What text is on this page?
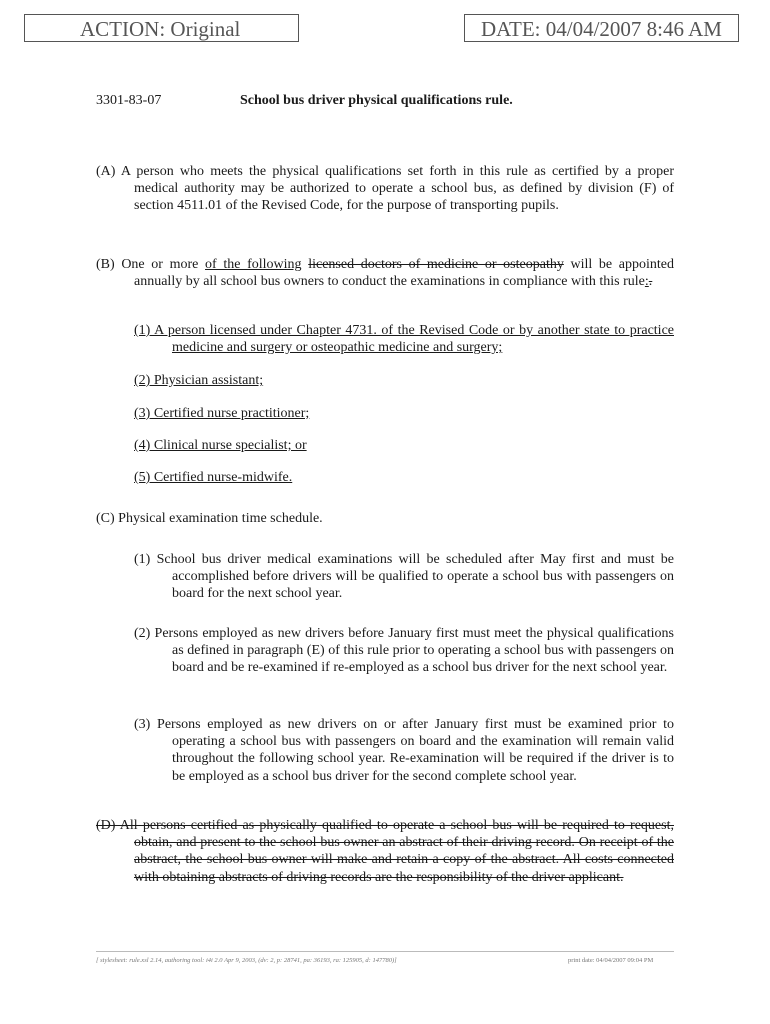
ACTION: Original	DATE: 04/04/2007 8:46 AM
3301-83-07	School bus driver physical qualifications rule.
(A) A person who meets the physical qualifications set forth in this rule as certified by a proper medical authority may be authorized to operate a school bus, as defined by division (F) of section 4511.01 of the Revised Code, for the purpose of transporting pupils.
(B) One or more of the following licensed doctors of medicine or osteopathy will be appointed annually by all school bus owners to conduct the examinations in compliance with this rule:.
(1) A person licensed under Chapter 4731. of the Revised Code or by another state to practice medicine and surgery or osteopathic medicine and surgery;
(2) Physician assistant;
(3) Certified nurse practitioner;
(4) Clinical nurse specialist; or
(5) Certified nurse-midwife.
(C) Physical examination time schedule.
(1) School bus driver medical examinations will be scheduled after May first and must be accomplished before drivers will be qualified to operate a school bus with passengers on board for the next school year.
(2) Persons employed as new drivers before January first must meet the physical qualifications as defined in paragraph (E) of this rule prior to operating a school bus with passengers on board and be re-examined if re-employed as a school bus driver for the next school year.
(3) Persons employed as new drivers on or after January first must be examined prior to operating a school bus with passengers on board and the examination will remain valid throughout the following school year. Re-examination will be required if the driver is to be employed as a school bus driver for the second complete school year.
(D) All persons certified as physically qualified to operate a school bus will be required to request, obtain, and present to the school bus owner an abstract of their driving record. On receipt of the abstract, the school bus owner will make and retain a copy of the abstract. All costs connected with obtaining abstracts of driving records are the responsibility of the driver applicant.
[ stylesheet: rule.xsl 2.14, authoring tool: i4i 2.0 Apr 9, 2003, (dv: 2, p: 28741, pa: 36193, ra: 125905, d: 147780)]	print date: 04/04/2007 09:04 PM
